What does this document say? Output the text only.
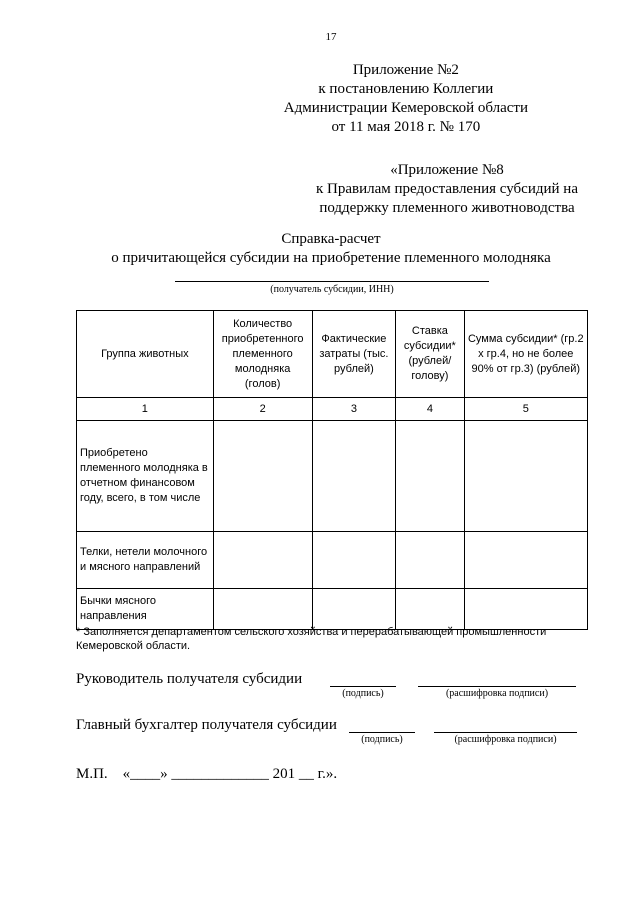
17
Приложение №2
к постановлению Коллегии
Администрации Кемеровской области
от 11 мая 2018 г. № 170
«Приложение №8
к Правилам предоставления субсидий на
поддержку племенного животноводства
Справка-расчет
о причитающейся субсидии на приобретение племенного молодняка
(получатель субсидии, ИНН)
Группа животных	Количество приобретенного племенного молодняка (голов)	Фактические затраты (тыс. рублей)	Ставка субсидии* (рублей/ голову)	Сумма субсидии* (гр.2 х гр.4, но не более 90% от гр.3) (рублей)
1	2	3	4	5
Приобретено племенного молодняка в отчетном финансовом году, всего, в том числе				
Телки, нетели молочного и мясного направлений				
Бычки мясного направления				
* Заполняется департаментом сельского хозяйства и перерабатывающей промышленности Кемеровской области.
Руководитель получателя субсидии
(подпись)	(расшифровка подписи)
Главный бухгалтер получателя субсидии
(подпись)	(расшифровка подписи)
М.П.    «____» _____________ 201 __ г.».
